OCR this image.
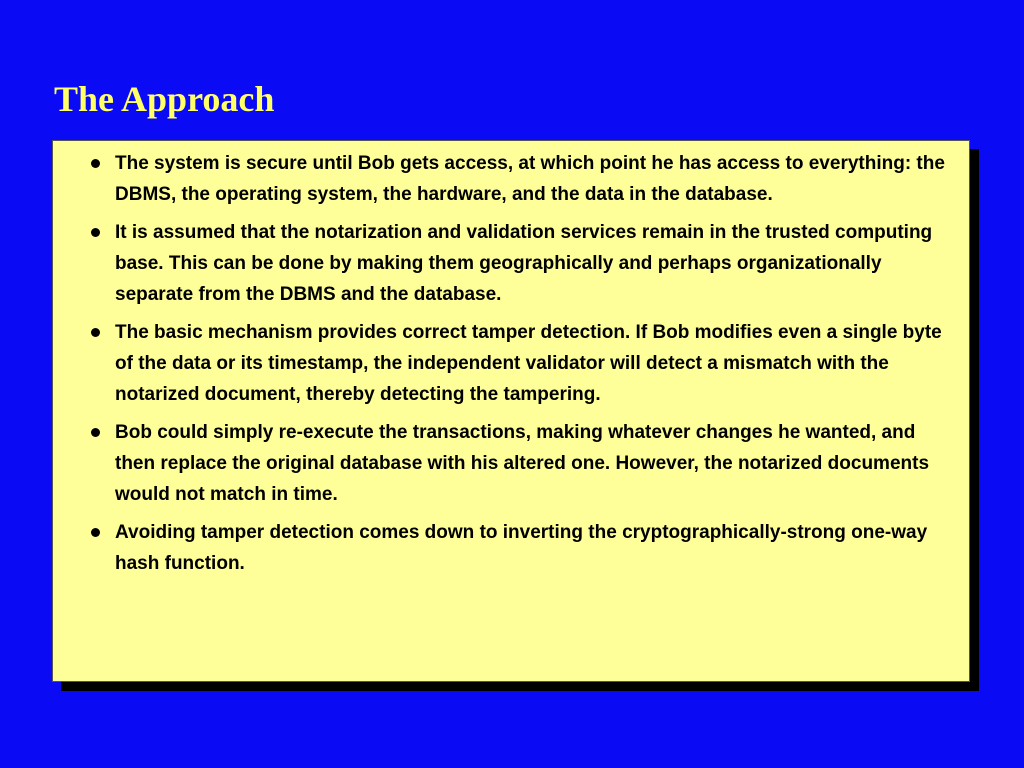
The Approach
The system is secure until Bob gets access, at which point he has access to everything: the DBMS, the operating system, the hardware, and the data in the database.
It is assumed that the notarization and validation services remain in the trusted computing base. This can be done by making them geographically and perhaps organizationally separate from the DBMS and the database.
The basic mechanism provides correct tamper detection. If Bob modifies even a single byte of the data or its timestamp, the independent validator will detect a mismatch with the notarized document, thereby detecting the tampering.
Bob could simply re-execute the transactions, making whatever changes he wanted, and then replace the original database with his altered one. However, the notarized documents would not match in time.
Avoiding tamper detection comes down to inverting the cryptographically-strong one-way hash function.
